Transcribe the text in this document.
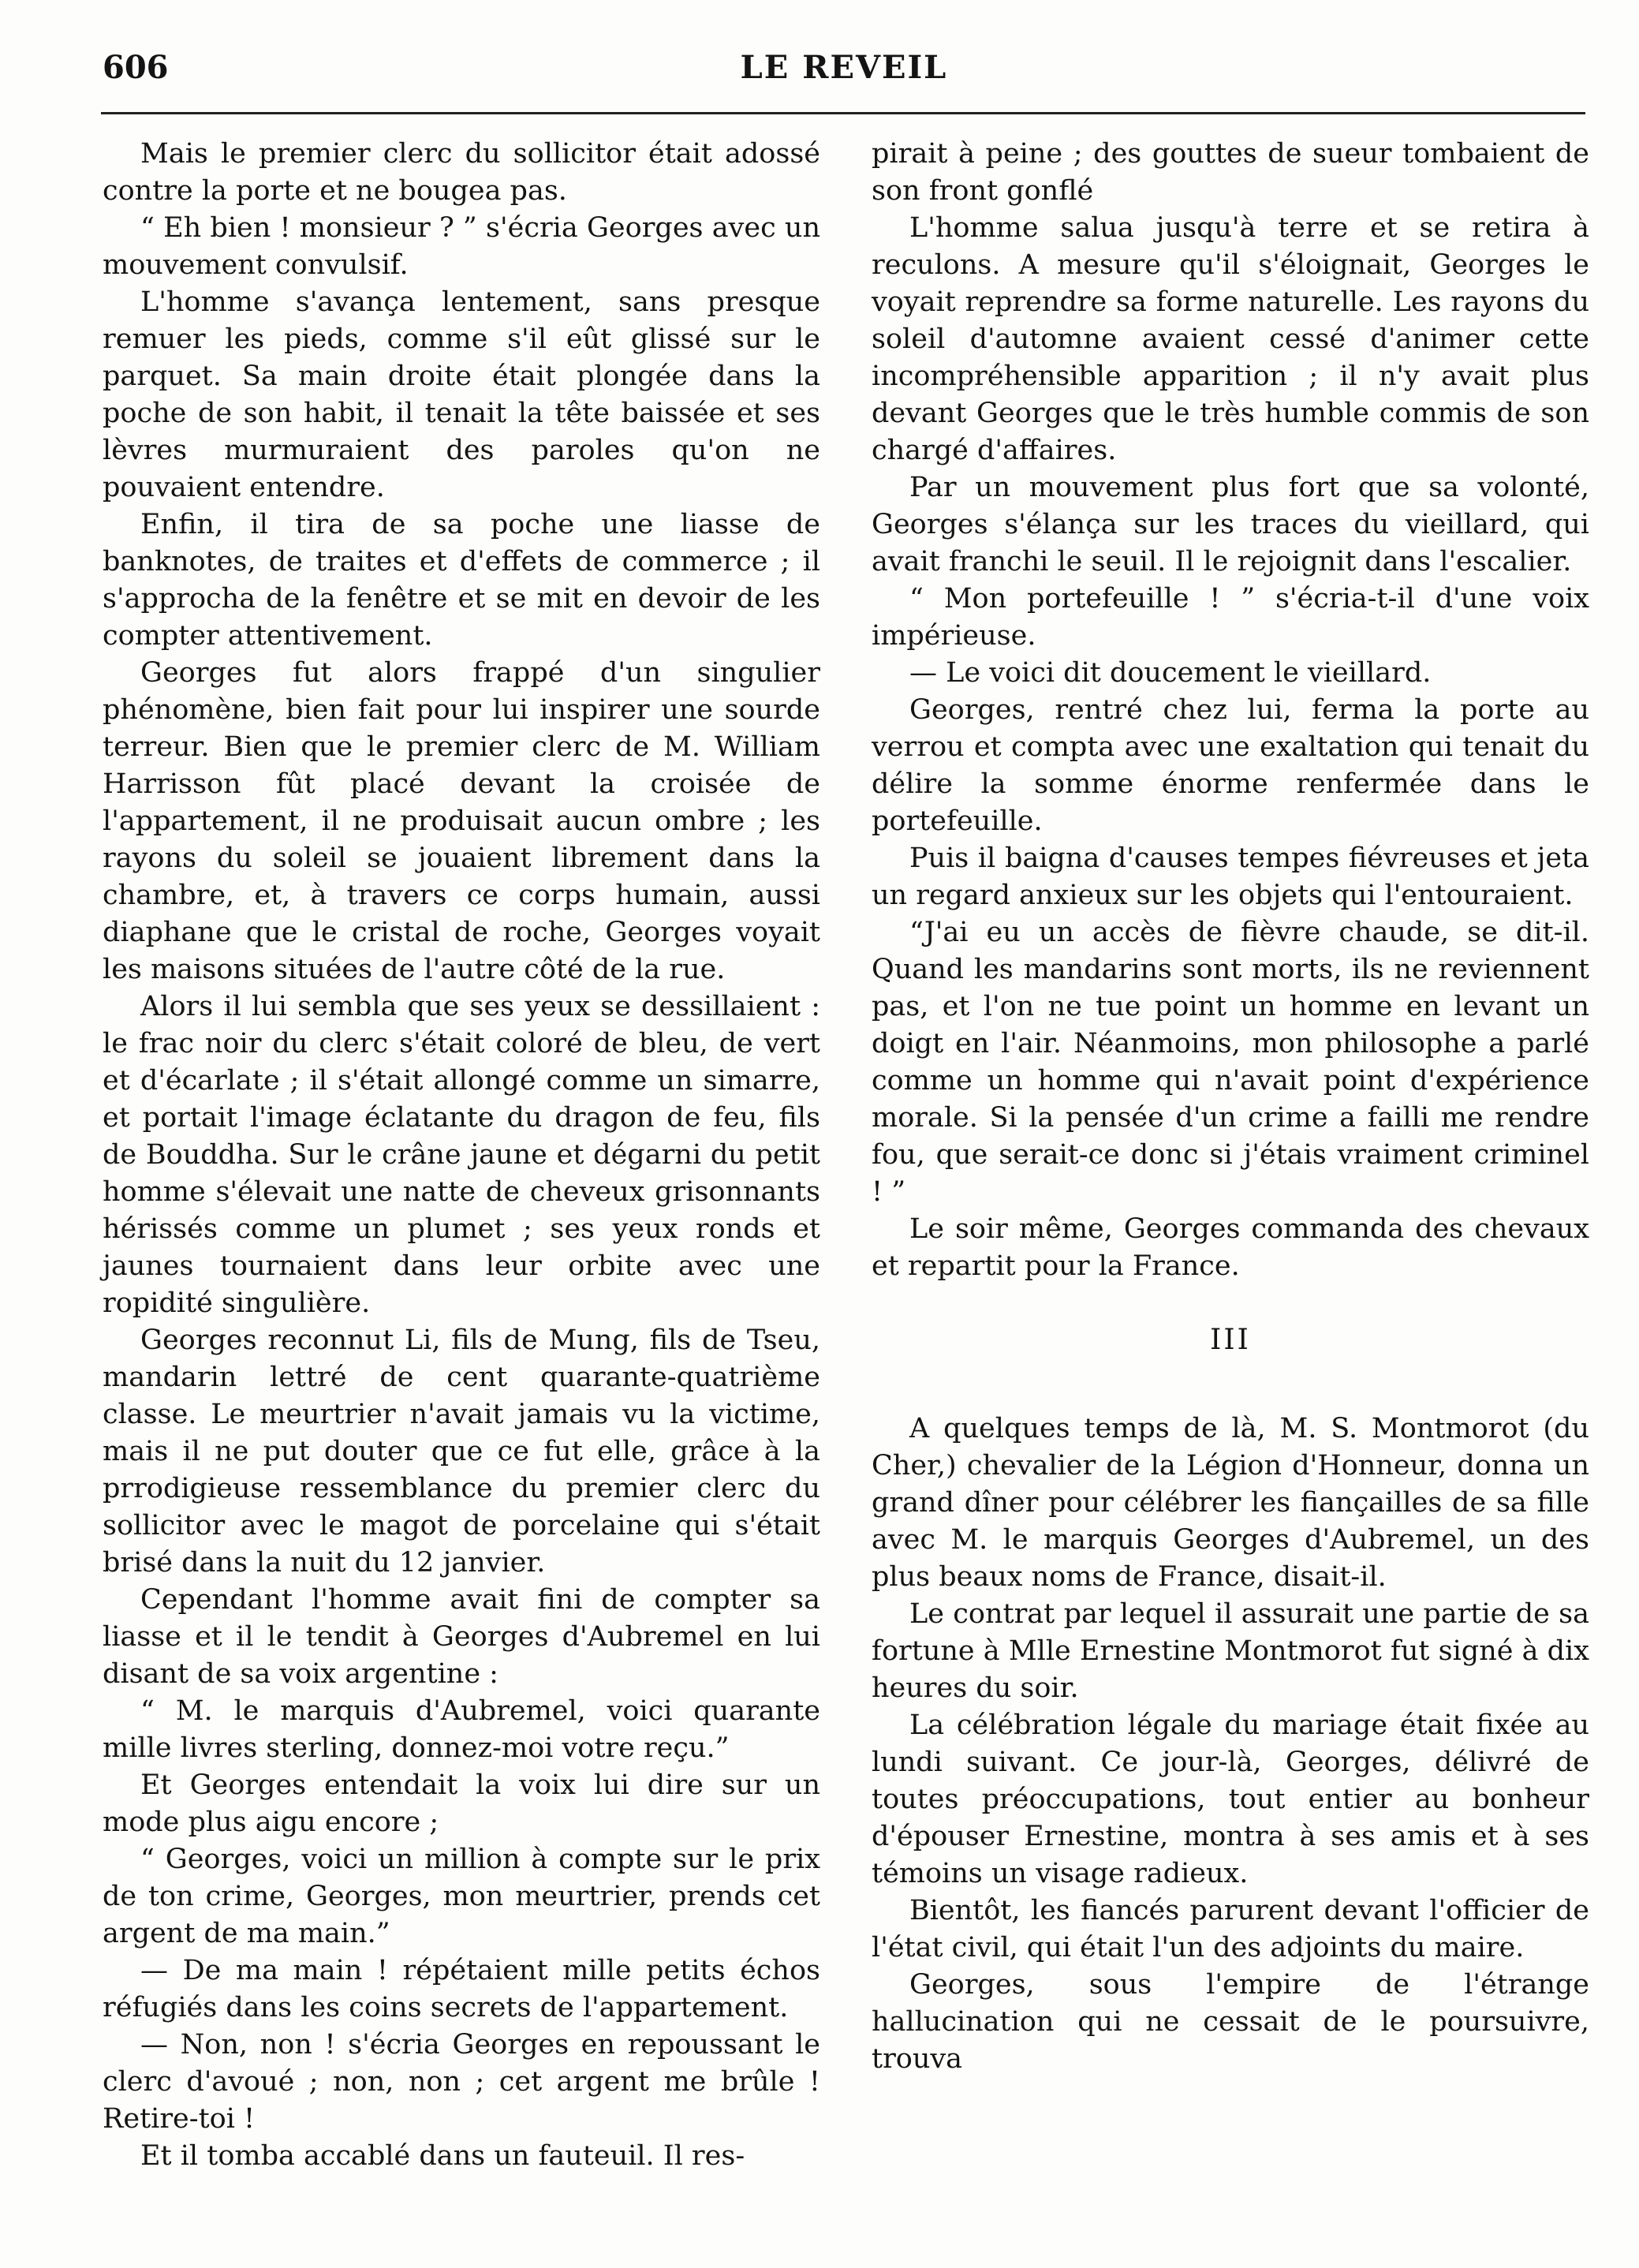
606	LE REVEIL

Mais le premier clerc du sollicitor était adossé contre la porte et ne bougea pas.

“ Eh bien ! monsieur ? ” s'écria Georges avec un mouvement convulsif.

L'homme s'avança lentement, sans presque remuer les pieds, comme s'il eût glissé sur le parquet. Sa main droite était plongée dans la poche de son habit, il tenait la tête baissée et ses lèvres murmuraient des paroles qu'on ne pouvaient entendre.

Enfin, il tira de sa poche une liasse de banknotes, de traites et d'effets de commerce ; il s'approcha de la fenêtre et se mit en devoir de les compter attentivement.

Georges fut alors frappé d'un singulier phénomène, bien fait pour lui inspirer une sourde terreur. Bien que le premier clerc de M. William Harrisson fût placé devant la croisée de l'appartement, il ne produisait aucun ombre ; les rayons du soleil se jouaient librement dans la chambre, et, à travers ce corps humain, aussi diaphane que le cristal de roche, Georges voyait les maisons situées de l'autre côté de la rue.

Alors il lui sembla que ses yeux se dessillaient : le frac noir du clerc s'était coloré de bleu, de vert et d'écarlate ; il s'était allongé comme un simarre, et portait l'image éclatante du dragon de feu, fils de Bouddha. Sur le crâne jaune et dégarni du petit homme s'élevait une natte de cheveux grisonnants hérissés comme un plumet ; ses yeux ronds et jaunes tournaient dans leur orbite avec une ropidité singulière.

Georges reconnut Li, fils de Mung, fils de Tseu, mandarin lettré de cent quarante-quatrième classe. Le meurtrier n'avait jamais vu la victime, mais il ne put douter que ce fut elle, grâce à la prrodigieuse ressemblance du premier clerc du sollicitor avec le magot de porcelaine qui s'était brisé dans la nuit du 12 janvier.

Cependant l'homme avait fini de compter sa liasse et il le tendit à Georges d'Aubremel en lui disant de sa voix argentine :

“ M. le marquis d'Aubremel, voici quarante mille livres sterling, donnez-moi votre reçu.”

Et Georges entendait la voix lui dire sur un mode plus aigu encore ;

“ Georges, voici un million à compte sur le prix de ton crime, Georges, mon meurtrier, prends cet argent de ma main.”

— De ma main ! répétaient mille petits échos réfugiés dans les coins secrets de l'appartement.

— Non, non ! s'écria Georges en repoussant le clerc d'avoué ; non, non ; cet argent me brûle ! Retire-toi !

Et il tomba accablé dans un fauteuil. Il res-

pirait à peine ; des gouttes de sueur tombaient de son front gonflé

L'homme salua jusqu'à terre et se retira à reculons. A mesure qu'il s'éloignait, Georges le voyait reprendre sa forme naturelle. Les rayons du soleil d'automne avaient cessé d'animer cette incompréhensible apparition ; il n'y avait plus devant Georges que le très humble commis de son chargé d'affaires.

Par un mouvement plus fort que sa volonté, Georges s'élança sur les traces du vieillard, qui avait franchi le seuil. Il le rejoignit dans l'escalier.

“ Mon portefeuille ! ” s'écria-t-il d'une voix impérieuse.

— Le voici dit doucement le vieillard.

Georges, rentré chez lui, ferma la porte au verrou et compta avec une exaltation qui tenait du délire la somme énorme renfermée dans le portefeuille.

Puis il baigna d'causes tempes fiévreuses et jeta un regard anxieux sur les objets qui l'entouraient.

“J'ai eu un accès de fièvre chaude, se dit-il. Quand les mandarins sont morts, ils ne reviennent pas, et l'on ne tue point un homme en levant un doigt en l'air. Néanmoins, mon philosophe a parlé comme un homme qui n'avait point d'expérience morale. Si la pensée d'un crime a failli me rendre fou, que serait-ce donc si j'étais vraiment criminel ! ”

Le soir même, Georges commanda des chevaux et repartit pour la France.

III

A quelques temps de là, M. S. Montmorot (du Cher,) chevalier de la Légion d'Honneur, donna un grand dîner pour célébrer les fiançailles de sa fille avec M. le marquis Georges d'Aubremel, un des plus beaux noms de France, disait-il.

Le contrat par lequel il assurait une partie de sa fortune à Mlle Ernestine Montmorot fut signé à dix heures du soir.

La célébration légale du mariage était fixée au lundi suivant. Ce jour-là, Georges, délivré de toutes préoccupations, tout entier au bonheur d'épouser Ernestine, montra à ses amis et à ses témoins un visage radieux.

Bientôt, les fiancés parurent devant l'officier de l'état civil, qui était l'un des adjoints du maire.

Georges, sous l'empire de l'étrange hallucination qui ne cessait de le poursuivre, trouva
